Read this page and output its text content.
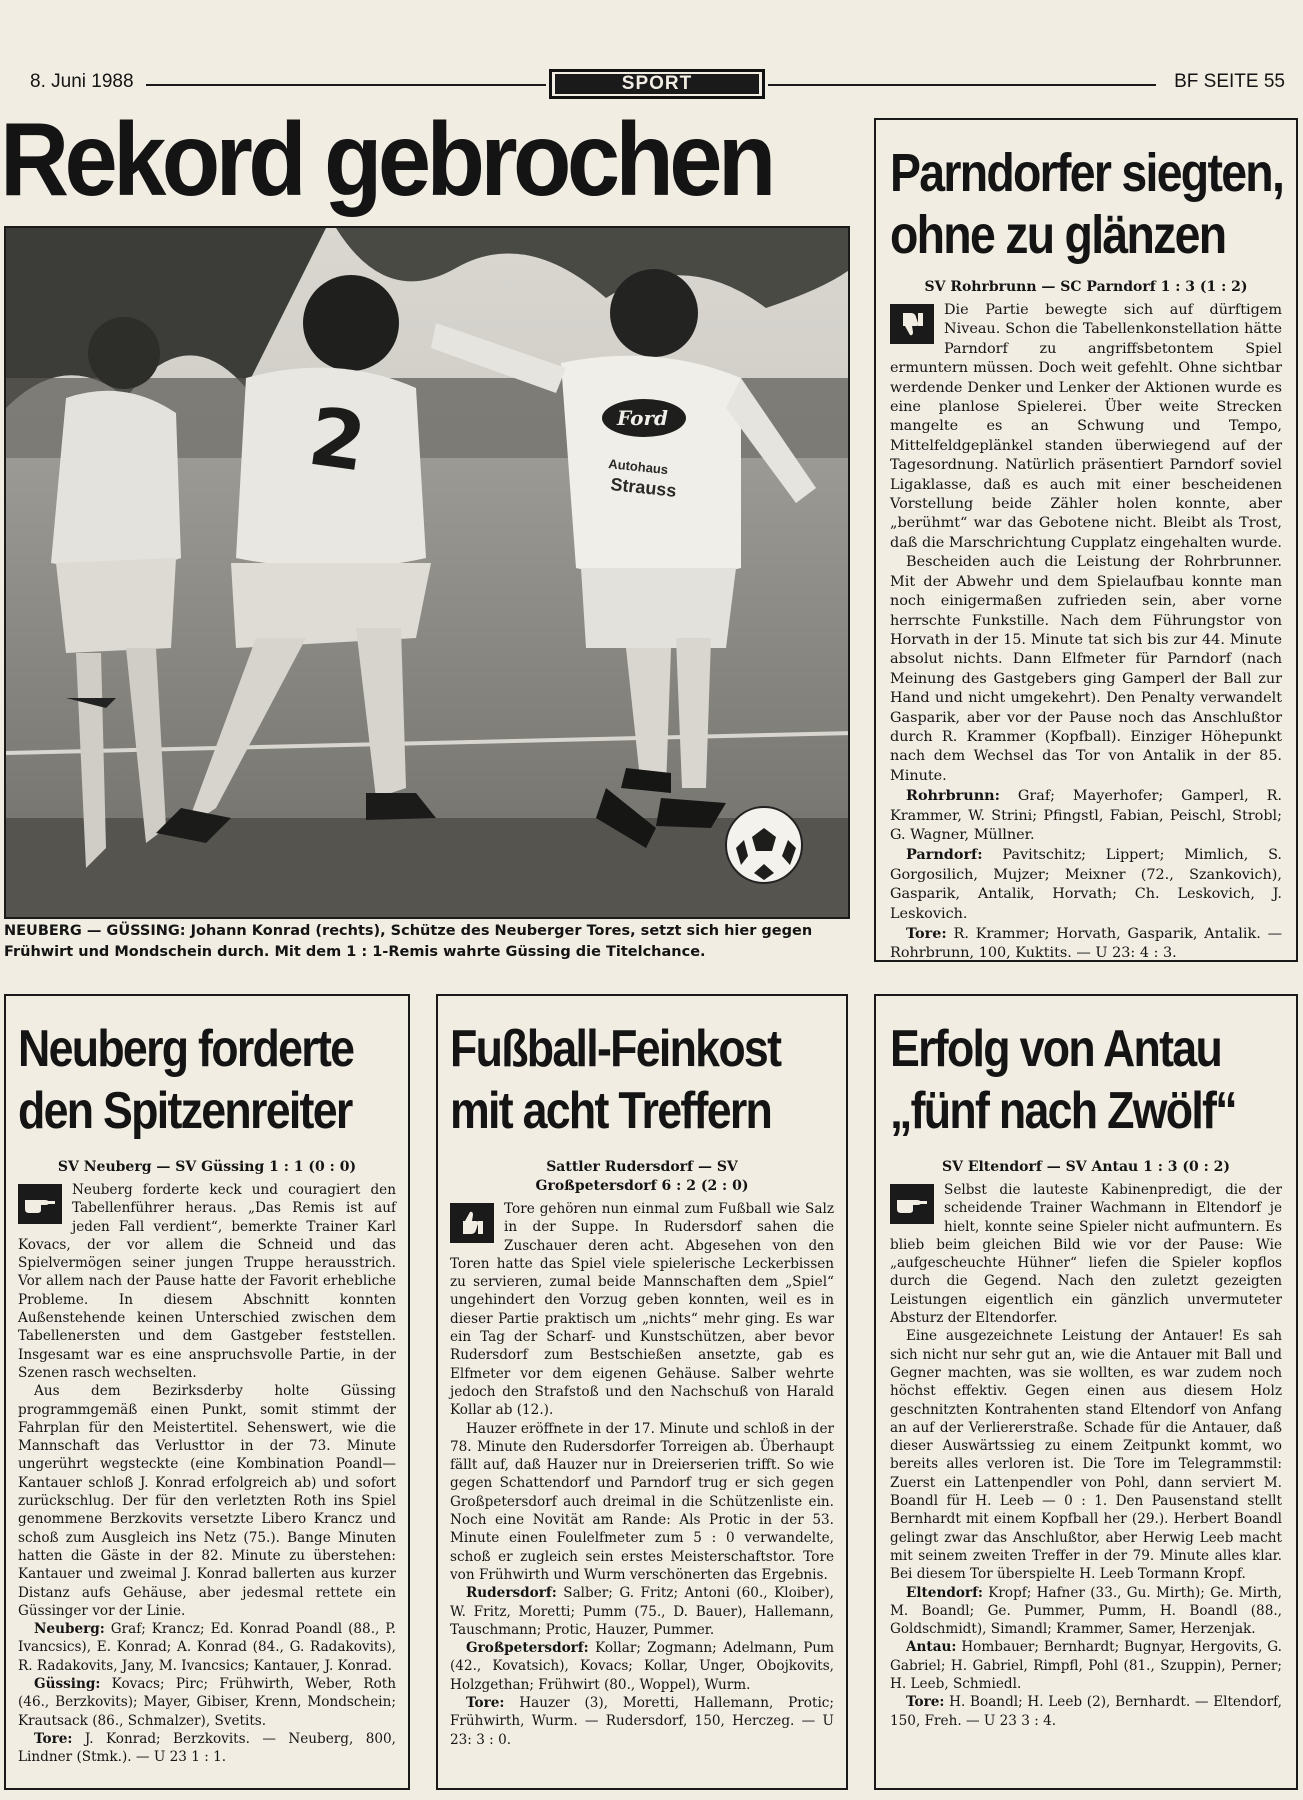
8. Juni 1988	SPORT	BF SEITE 55
Rekord gebrochen
2	Ford
Autohaus
Strauss
NEUBERG — GÜSSING: Johann Konrad (rechts), Schütze des Neuberger Tores, setzt sich hier gegen Frühwirt und Mondschein durch. Mit dem 1 : 1-Remis wahrte Güssing die Titelchance.
Parndorfer siegten,
ohne zu glänzen
SV Rohrbrunn — SC Parndorf 1 : 3 (1 : 2)

Die Partie bewegte sich auf dürftigem Niveau. Schon die Tabellenkonstellation hätte Parndorf zu angriffsbetontem Spiel ermuntern müssen. Doch weit gefehlt. Ohne sichtbar werdende Denker und Lenker der Aktionen wurde es eine planlose Spielerei. Über weite Strecken mangelte es an Schwung und Tempo, Mittelfeldgeplänkel standen überwiegend auf der Tagesordnung. Natürlich präsentiert Parndorf soviel Ligaklasse, daß es auch mit einer bescheidenen Vorstellung beide Zähler holen konnte, aber „berühmt“ war das Gebotene nicht. Bleibt als Trost, daß die Marschrichtung Cupplatz eingehalten wurde.

Bescheiden auch die Leistung der Rohrbrunner. Mit der Abwehr und dem Spielaufbau konnte man noch einigermaßen zufrieden sein, aber vorne herrschte Funkstille. Nach dem Führungstor von Horvath in der 15. Minute tat sich bis zur 44. Minute absolut nichts. Dann Elfmeter für Parndorf (nach Meinung des Gastgebers ging Gamperl der Ball zur Hand und nicht umgekehrt). Den Penalty verwandelt Gasparik, aber vor der Pause noch das Anschlußtor durch R. Krammer (Kopfball). Einziger Höhepunkt nach dem Wechsel das Tor von Antalik in der 85. Minute.

Rohrbrunn: Graf; Mayerhofer; Gamperl, R. Krammer, W. Strini; Pfingstl, Fabian, Peischl, Strobl; G. Wagner, Müllner.

Parndorf: Pavitschitz; Lippert; Mimlich, S. Gorgosilich, Mujzer; Meixner (72., Szankovich), Gasparik, Antalik, Horvath; Ch. Leskovich, J. Leskovich.

Tore: R. Krammer; Horvath, Gasparik, Antalik. — Rohrbrunn, 100, Kuktits. — U 23: 4 : 3.

Neuberg forderte
den Spitzenreiter
SV Neuberg — SV Güssing 1 : 1 (0 : 0)

Neuberg forderte keck und couragiert den Tabellenführer heraus. „Das Remis ist auf jeden Fall verdient“, bemerkte Trainer Karl Kovacs, der vor allem die Schneid und das Spielvermögen seiner jungen Truppe herausstrich. Vor allem nach der Pause hatte der Favorit erhebliche Probleme. In diesem Abschnitt konnten Außenstehende keinen Unterschied zwischen dem Tabellenersten und dem Gastgeber feststellen. Insgesamt war es eine anspruchsvolle Partie, in der Szenen rasch wechselten.

Aus dem Bezirksderby holte Güssing programmgemäß einen Punkt, somit stimmt der Fahrplan für den Meistertitel. Sehenswert, wie die Mannschaft das Verlusttor in der 73. Minute ungerührt wegsteckte (eine Kombination Poandl—Kantauer schloß J. Konrad erfolgreich ab) und sofort zurückschlug. Der für den verletzten Roth ins Spiel genommene Berzkovits versetzte Libero Krancz und schoß zum Ausgleich ins Netz (75.). Bange Minuten hatten die Gäste in der 82. Minute zu überstehen: Kantauer und zweimal J. Konrad ballerten aus kurzer Distanz aufs Gehäuse, aber jedesmal rettete ein Güssinger vor der Linie.

Neuberg: Graf; Krancz; Ed. Konrad Poandl (88., P. Ivancsics), E. Konrad; A. Konrad (84., G. Radakovits), R. Radakovits, Jany, M. Ivancsics; Kantauer, J. Konrad.

Güssing: Kovacs; Pirc; Frühwirth, Weber, Roth (46., Berzkovits); Mayer, Gibiser, Krenn, Mondschein; Krautsack (86., Schmalzer), Svetits.

Tore: J. Konrad; Berzkovits. — Neuberg, 800, Lindner (Stmk.). — U 23 1 : 1.

Fußball-Feinkost
mit acht Treffern
Sattler Rudersdorf — SV Großpetersdorf 6 : 2 (2 : 0)

Tore gehören nun einmal zum Fußball wie Salz in der Suppe. In Rudersdorf sahen die Zuschauer deren acht. Abgesehen von den Toren hatte das Spiel viele spielerische Leckerbissen zu servieren, zumal beide Mannschaften dem „Spiel“ ungehindert den Vorzug geben konnten, weil es in dieser Partie praktisch um „nichts“ mehr ging. Es war ein Tag der Scharf- und Kunstschützen, aber bevor Rudersdorf zum Bestschießen ansetzte, gab es Elfmeter vor dem eigenen Gehäuse. Salber wehrte jedoch den Strafstoß und den Nachschuß von Harald Kollar ab (12.).

Hauzer eröffnete in der 17. Minute und schloß in der 78. Minute den Rudersdorfer Torreigen ab. Überhaupt fällt auf, daß Hauzer nur in Dreierserien trifft. So wie gegen Schattendorf und Parndorf trug er sich gegen Großpetersdorf auch dreimal in die Schützenliste ein. Noch eine Novität am Rande: Als Protic in der 53. Minute einen Foulelfmeter zum 5 : 0 verwandelte, schoß er zugleich sein erstes Meisterschaftstor. Tore von Frühwirth und Wurm verschönerten das Ergebnis.

Rudersdorf: Salber; G. Fritz; Antoni (60., Kloiber), W. Fritz, Moretti; Pumm (75., D. Bauer), Hallemann, Tauschmann; Protic, Hauzer, Pummer.

Großpetersdorf: Kollar; Zogmann; Adelmann, Pum (42., Kovatsich), Kovacs; Kollar, Unger, Obojkovits, Holzgethan; Frühwirt (80., Woppel), Wurm.

Tore: Hauzer (3), Moretti, Hallemann, Protic; Frühwirth, Wurm. — Rudersdorf, 150, Herczeg. — U 23: 3 : 0.

Erfolg von Antau
„fünf nach Zwölf“
SV Eltendorf — SV Antau 1 : 3 (0 : 2)

Selbst die lauteste Kabinenpredigt, die der scheidende Trainer Wachmann in Eltendorf je hielt, konnte seine Spieler nicht aufmuntern. Es blieb beim gleichen Bild wie vor der Pause: Wie „aufgescheuchte Hühner“ liefen die Spieler kopflos durch die Gegend. Nach den zuletzt gezeigten Leistungen eigentlich ein gänzlich unvermuteter Absturz der Eltendorfer.

Eine ausgezeichnete Leistung der Antauer! Es sah sich nicht nur sehr gut an, wie die Antauer mit Ball und Gegner machten, was sie wollten, es war zudem noch höchst effektiv. Gegen einen aus diesem Holz geschnitzten Kontrahenten stand Eltendorf von Anfang an auf der Verliererstraße. Schade für die Antauer, daß dieser Auswärtssieg zu einem Zeitpunkt kommt, wo bereits alles verloren ist. Die Tore im Telegrammstil: Zuerst ein Lattenpendler von Pohl, dann serviert M. Boandl für H. Leeb — 0 : 1. Den Pausenstand stellt Bernhardt mit einem Kopfball her (29.). Herbert Boandl gelingt zwar das Anschlußtor, aber Herwig Leeb macht mit seinem zweiten Treffer in der 79. Minute alles klar. Bei diesem Tor überspielte H. Leeb Tormann Kropf.

Eltendorf: Kropf; Hafner (33., Gu. Mirth); Ge. Mirth, M. Boandl; Ge. Pummer, Pumm, H. Boandl (88., Goldschmidt), Simandl; Krammer, Samer, Herzenjak.

Antau: Hombauer; Bernhardt; Bugnyar, Hergovits, G. Gabriel; H. Gabriel, Rimpfl, Pohl (81., Szuppin), Perner; H. Leeb, Schmiedl.

Tore: H. Boandl; H. Leeb (2), Bernhardt. — Eltendorf, 150, Freh. — U 23 3 : 4.
